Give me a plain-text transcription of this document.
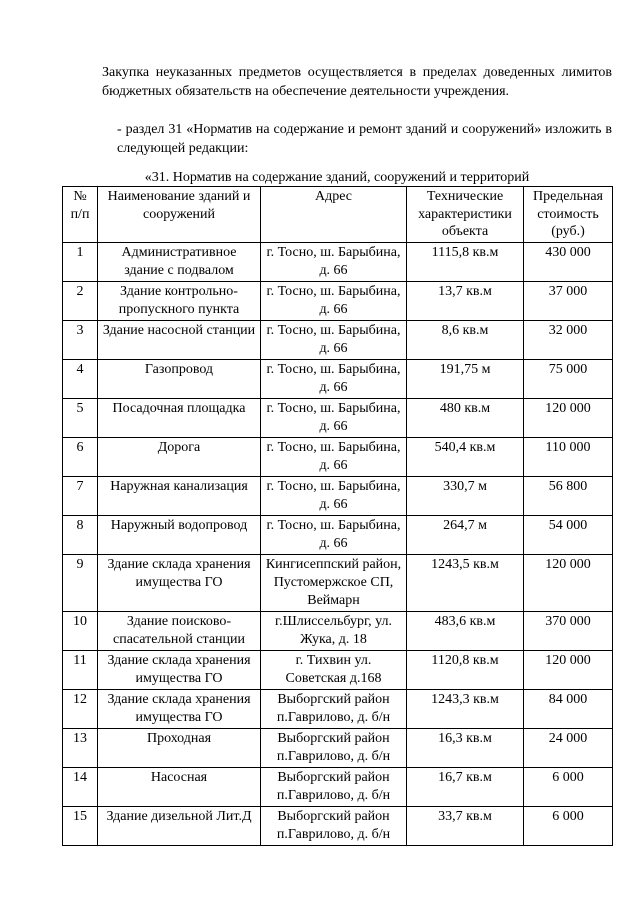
Закупка неуказанных предметов осуществляется в пределах доведенных лимитов бюджетных обязательств на обеспечение деятельности учреждения.
- раздел 31 «Норматив на содержание и ремонт зданий и сооружений» изложить в следующей редакции:
«31. Норматив на содержание зданий, сооружений и территорий
№ п/п	Наименование зданий и сооружений	Адрес	Технические характеристики объекта	Предельная стоимость (руб.)
1	Административное здание с подвалом	г. Тосно, ш. Барыбина, д. 66	1115,8 кв.м	430 000
2	Здание контрольно-пропускного пункта	г. Тосно, ш. Барыбина, д. 66	13,7 кв.м	37 000
3	Здание насосной станции	г. Тосно, ш. Барыбина, д. 66	8,6 кв.м	32 000
4	Газопровод	г. Тосно, ш. Барыбина, д. 66	191,75 м	75 000
5	Посадочная площадка	г. Тосно, ш. Барыбина, д. 66	480 кв.м	120 000
6	Дорога	г. Тосно, ш. Барыбина, д. 66	540,4 кв.м	110 000
7	Наружная канализация	г. Тосно, ш. Барыбина, д. 66	330,7 м	56 800
8	Наружный водопровод	г. Тосно, ш. Барыбина, д. 66	264,7 м	54 000
9	Здание склада хранения имущества ГО	Кингисеппский район, Пустомержское СП, Веймарн	1243,5 кв.м	120 000
10	Здание поисково-спасательной станции	г.Шлиссельбург, ул. Жука, д. 18	483,6 кв.м	370 000
11	Здание склада хранения имущества ГО	г. Тихвин ул. Советская д.168	1120,8 кв.м	120 000
12	Здание склада хранения имущества ГО	Выборгский район п.Гаврилово, д. б/н	1243,3 кв.м	84 000
13	Проходная	Выборгский район п.Гаврилово, д. б/н	16,3 кв.м	24 000
14	Насосная	Выборгский район п.Гаврилово, д. б/н	16,7 кв.м	6 000
15	Здание дизельной Лит.Д	Выборгский район п.Гаврилово, д. б/н	33,7 кв.м	6 000
